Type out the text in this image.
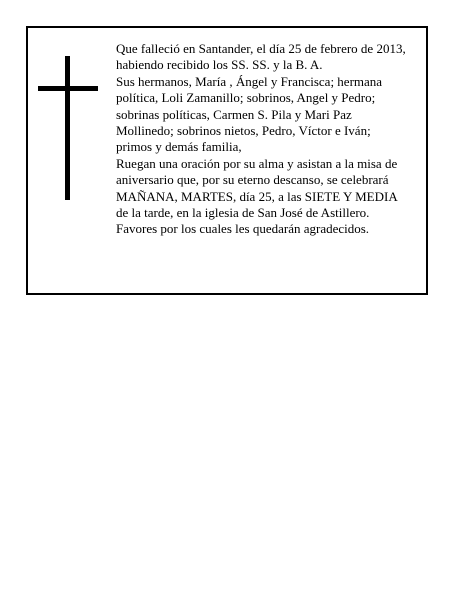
Que falleció en Santander, el día 25 de febrero de 2013,
habiendo recibido los SS. SS. y la B. A.
Sus hermanos, María , Ángel y Francisca; hermana
política, Loli Zamanillo; sobrinos, Angel y Pedro;
sobrinas políticas, Carmen S. Pila y Mari Paz
Mollinedo; sobrinos nietos, Pedro, Víctor e Iván;
primos y demás familia,
Ruegan una oración por su alma y asistan a la misa de
aniversario que, por su eterno descanso, se celebrará
MAÑANA, MARTES, día 25, a las SIETE Y MEDIA
de la tarde, en la iglesia de San José de Astillero.
Favores por los cuales les quedarán agradecidos.
